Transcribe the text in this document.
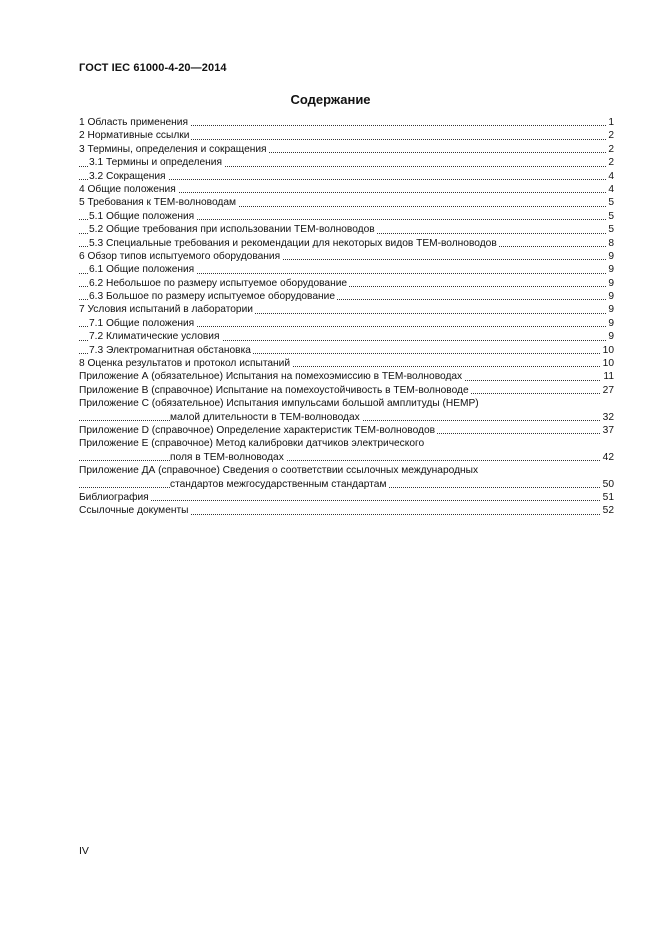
ГОСТ IEC 61000-4-20—2014
Содержание
1 Область применения	1
2 Нормативные ссылки	2
3 Термины, определения и сокращения	2
3.1 Термины и определения	2
3.2 Сокращения	4
4 Общие положения	4
5 Требования к ТЕМ-волноводам	5
5.1 Общие положения	5
5.2 Общие требования при использовании ТЕМ-волноводов	5
5.3 Специальные требования и рекомендации для некоторых видов ТЕМ-волноводов	8
6 Обзор типов испытуемого оборудования	9
6.1 Общие положения	9
6.2 Небольшое по размеру испытуемое оборудование	9
6.3 Большое по размеру испытуемое оборудование	9
7 Условия испытаний в лаборатории	9
7.1 Общие положения	9
7.2 Климатические условия	9
7.3 Электромагнитная обстановка	10
8 Оценка результатов и протокол испытаний	10
Приложение А (обязательное) Испытания на помехоэмиссию в ТЕМ-волноводах	11
Приложение В (справочное) Испытание на помехоустойчивость в ТЕМ-волноводе	27
Приложение С (обязательное) Испытания импульсами большой амплитуды (НЕМР)
малой длительности в ТЕМ-волноводах	32
Приложение D (справочное) Определение характеристик ТЕМ-волноводов	37
Приложение Е (справочное) Метод калибровки датчиков электрического
поля в ТЕМ-волноводах	42
Приложение ДА (справочное) Сведения о соответствии ссылочных международных
стандартов межгосударственным стандартам	50
Библиография	51
Ссылочные документы	52
IV
